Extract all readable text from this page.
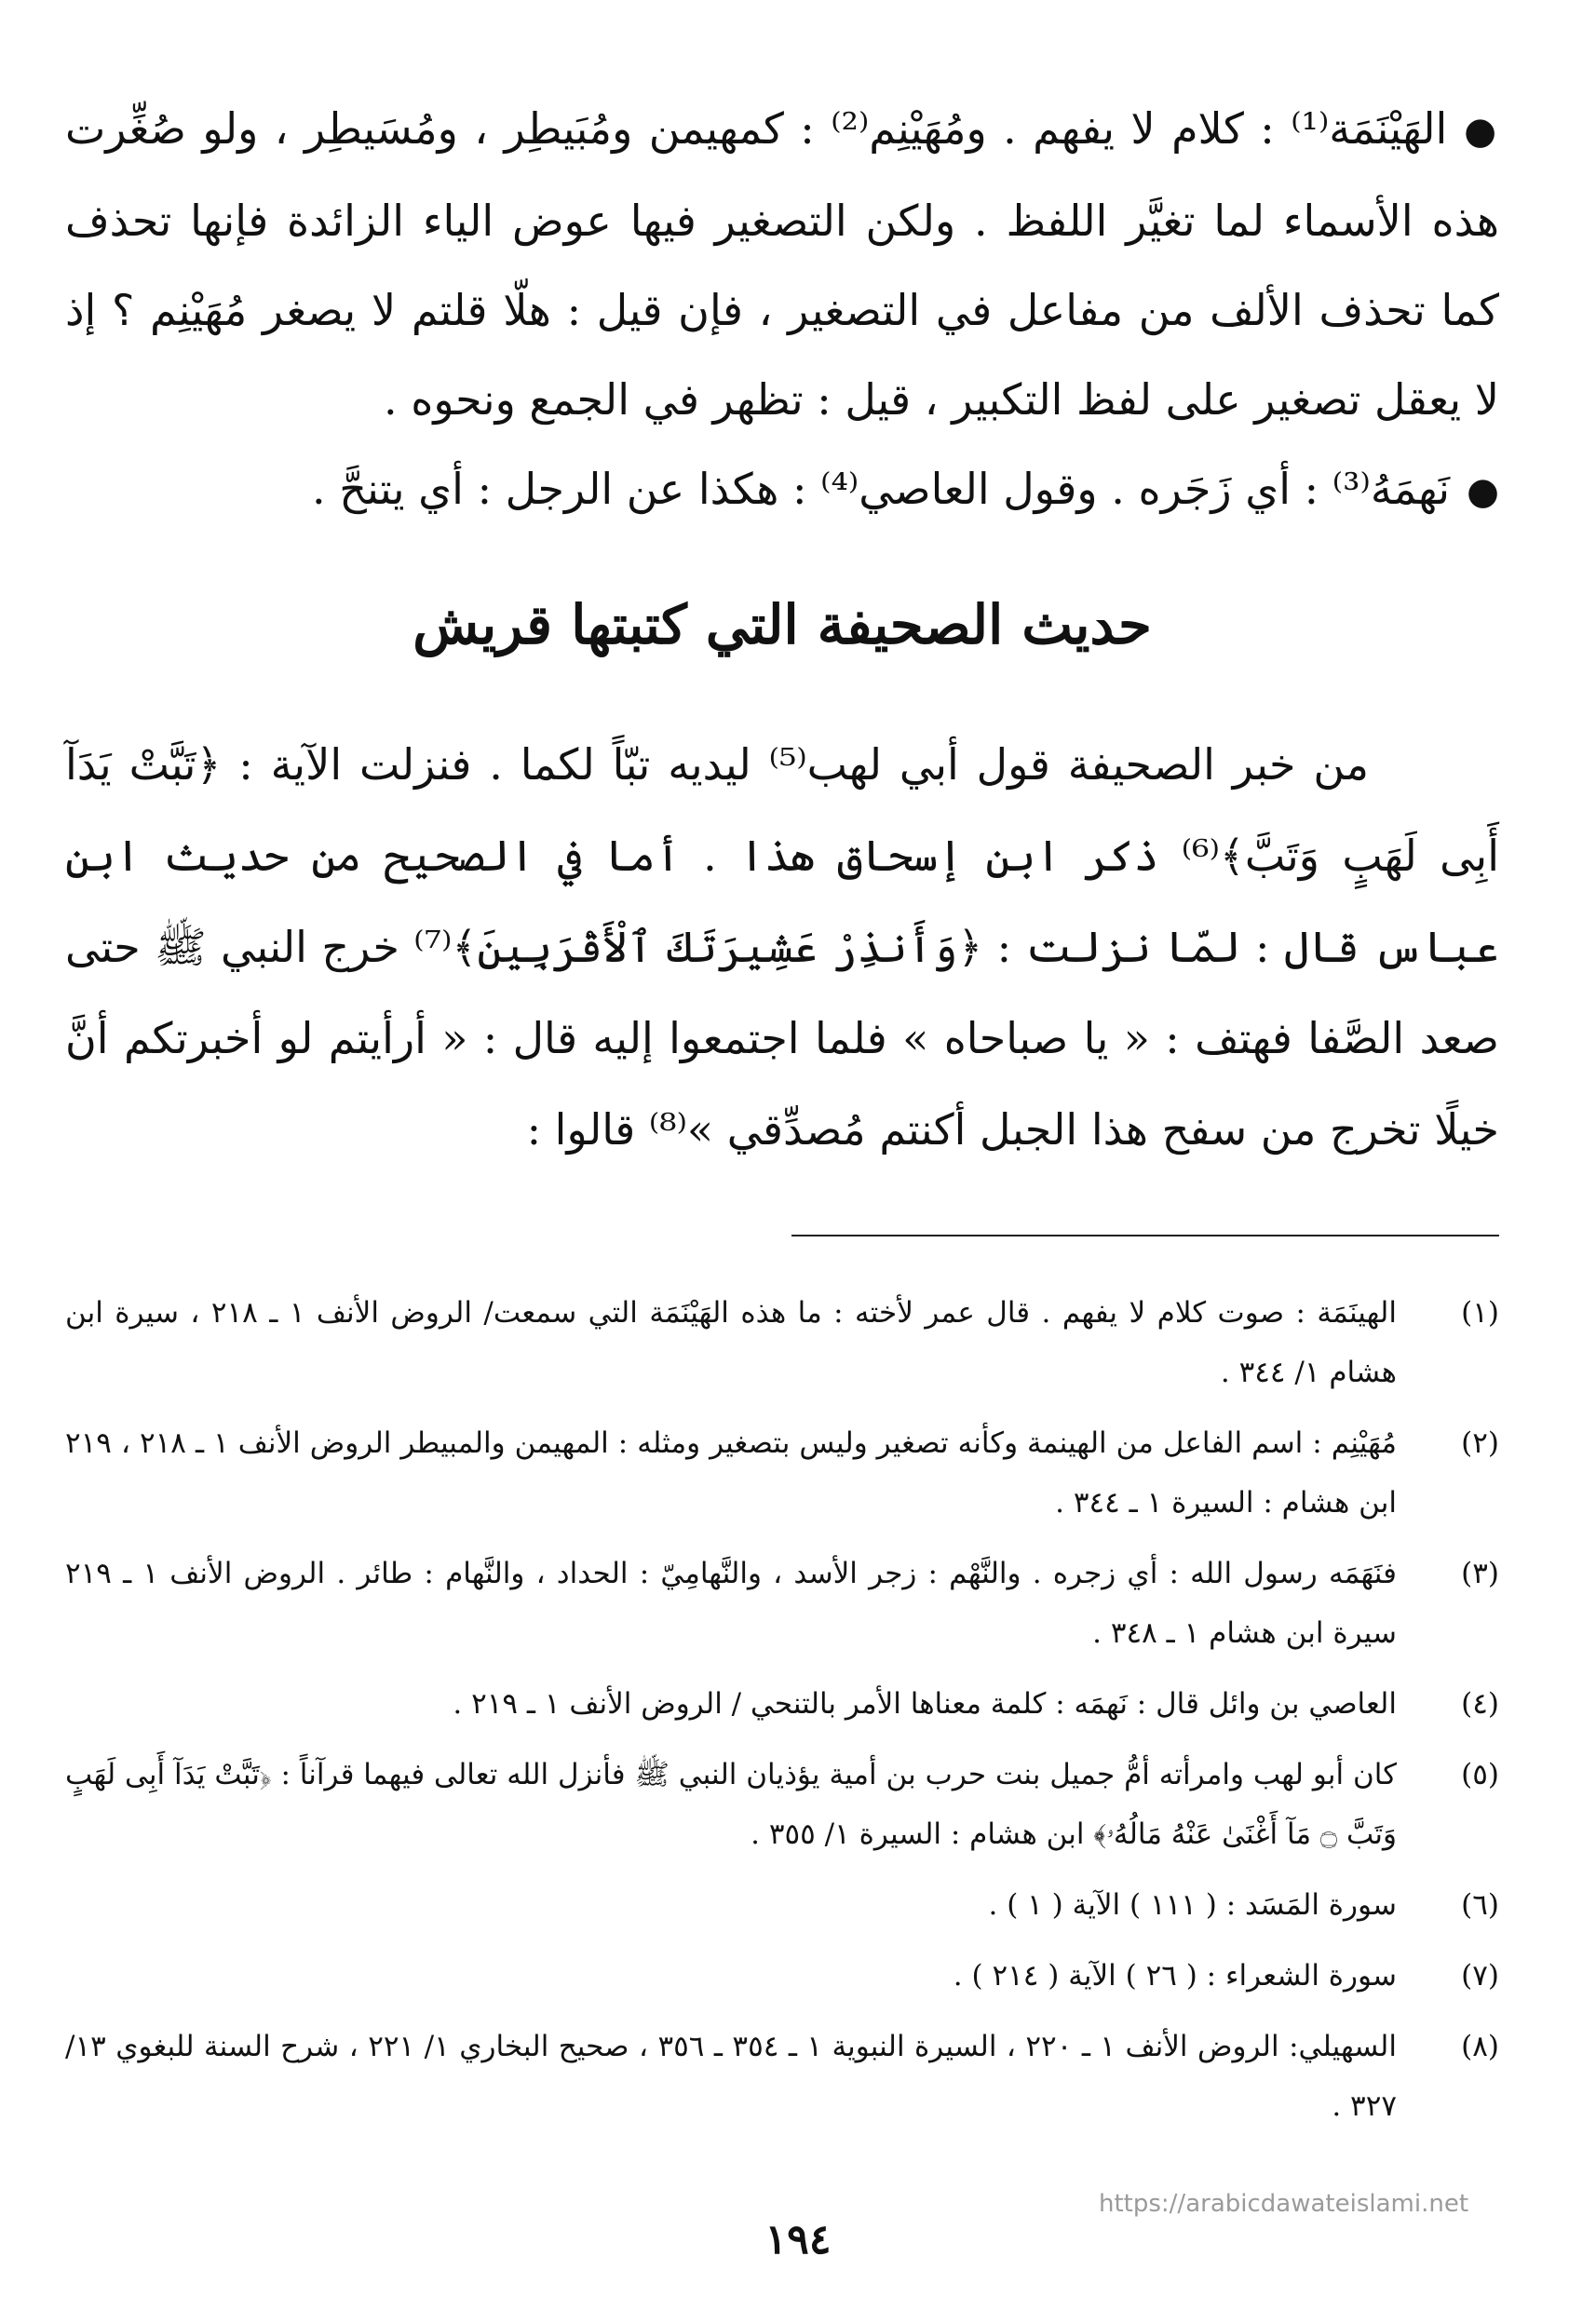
● الهَيْنَمَة⁽¹⁾ : كلام لا يفهم . ومُهَيْنِم⁽²⁾ : كمهيمن ومُبَيطِر ، ومُسَيطِر ، ولو صُغِّرت هذه الأسماء لما تغيَّر اللفظ . ولكن التصغير فيها عوض الياء الزائدة فإنها تحذف كما تحذف الألف من مفاعل في التصغير ، فإن قيل : هلّا قلتم لا يصغر مُهَيْنِم ؟ إذ لا يعقل تصغير على لفظ التكبير ، قيل : تظهر في الجمع ونحوه .

● نَهمَهُ⁽³⁾ : أي زَجَره . وقول العاصي⁽⁴⁾ : هكذا عن الرجل : أي يتنحَّ .

حديث الصحيفة التي كتبتها قريش

من خبر الصحيفة قول أبي لهب⁽⁵⁾ ليديه تبّاً لكما . فنزلت الآية : ﴿تَبَّتْ يَدَآ أَبِى لَهَبٍ وَتَبَّ﴾⁽⁶⁾ ذكر ابن إسحاق هذا . أما في الصحيح من حديث ابن عباس قال : لمّا نزلت : ﴿وَأَنذِرْ عَشِيرَتَكَ ٱلْأَقْرَبِينَ﴾⁽⁷⁾ خرج النبي ﷺ حتى صعد الصَّفا فهتف : « يا صباحاه » فلما اجتمعوا إليه قال : « أرأيتم لو أخبرتكم أنَّ خيلًا تخرج من سفح هذا الجبل أكنتم مُصدِّقي »⁽⁸⁾ قالوا :

(١)
الهينَمَة : صوت كلام لا يفهم . قال عمر لأخته : ما هذه الهَيْنَمَة التي سمعت/ الروض الأنف ١ ـ ٢١٨ ، سيرة ابن هشام ١/ ٣٤٤ .
(٢)
مُهَيْنِم : اسم الفاعل من الهينمة وكأنه تصغير وليس بتصغير ومثله : المهيمن والمبيطر الروض الأنف ١ ـ ٢١٨ ، ٢١٩ ابن هشام : السيرة ١ ـ ٣٤٤ .
(٣)
فنَهَمَه رسول الله : أي زجره . والنَّهْم : زجر الأسد ، والنَّهامِيّ : الحداد ، والنَّهام : طائر . الروض الأنف ١ ـ ٢١٩ سيرة ابن هشام ١ ـ ٣٤٨ .
(٤)
العاصي بن وائل قال : نَهمَه : كلمة معناها الأمر بالتنحي / الروض الأنف ١ ـ ٢١٩ .
(٥)
كان أبو لهب وامرأته أمُّ جميل بنت حرب بن أمية يؤذيان النبي ﷺ فأنزل الله تعالى فيهما قرآناً : ﴿تَبَّتْ يَدَآ أَبِى لَهَبٍ وَتَبَّ ۝ مَآ أَغْنَىٰ عَنْهُ مَالُهُۥ﴾ ابن هشام : السيرة ١/ ٣٥٥ .
(٦)
سورة المَسَد : ( ١١١ ) الآية ( ١ ) .
(٧)
سورة الشعراء : ( ٢٦ ) الآية ( ٢١٤ ) .
(٨)
السهيلي: الروض الأنف ١ ـ ٢٢٠ ، السيرة النبوية ١ ـ ٣٥٤ ـ ٣٥٦ ، صحيح البخاري ١/ ٢٢١ ، شرح السنة للبغوي ١٣/ ٣٢٧ .
https://arabicdawateislami.net
١٩٤
